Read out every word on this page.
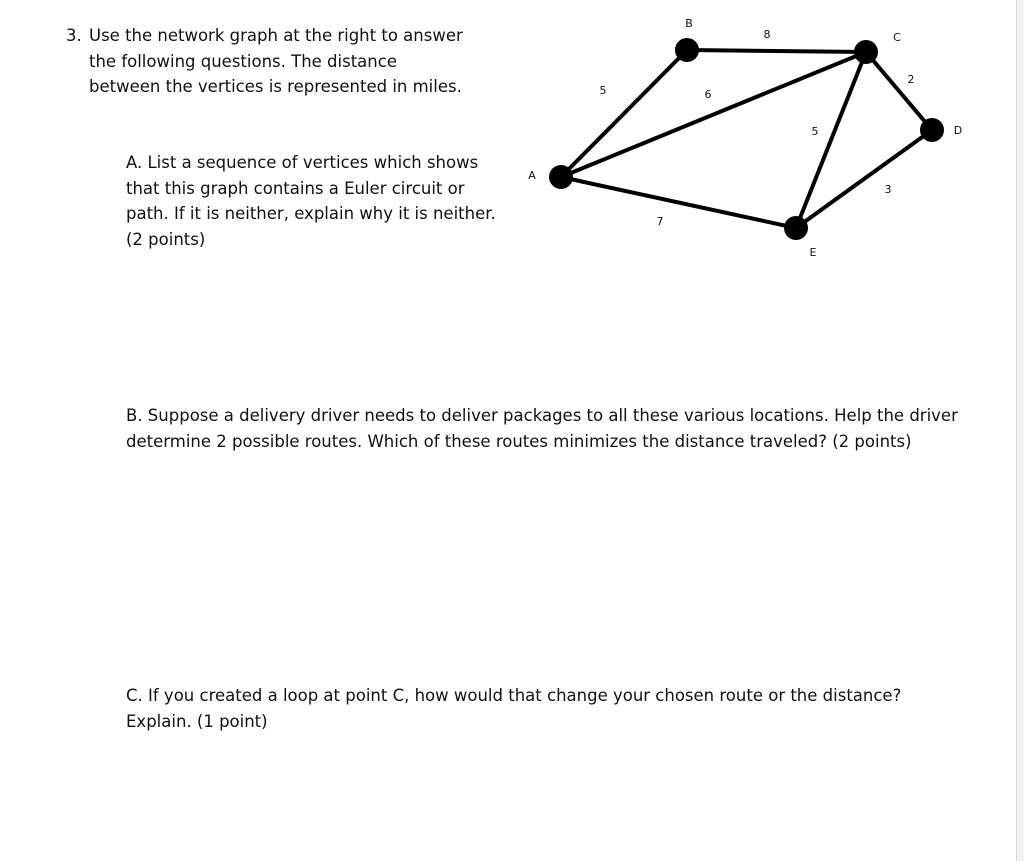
3. Use the network graph at the right to answer the following questions. The distance between the vertices is represented in miles.

A. List a sequence of vertices which shows that this graph contains a Euler circuit or path. If it is neither, explain why it is neither. (2 points)

B. Suppose a delivery driver needs to deliver packages to all these various locations. Help the driver determine 2 possible routes. Which of these routes minimizes the distance traveled? (2 points)

C. If you created a loop at point C, how would that change your chosen route or the distance? Explain. (1 point)

5
8
6
2
5
3
7
A
B
C
D
E
